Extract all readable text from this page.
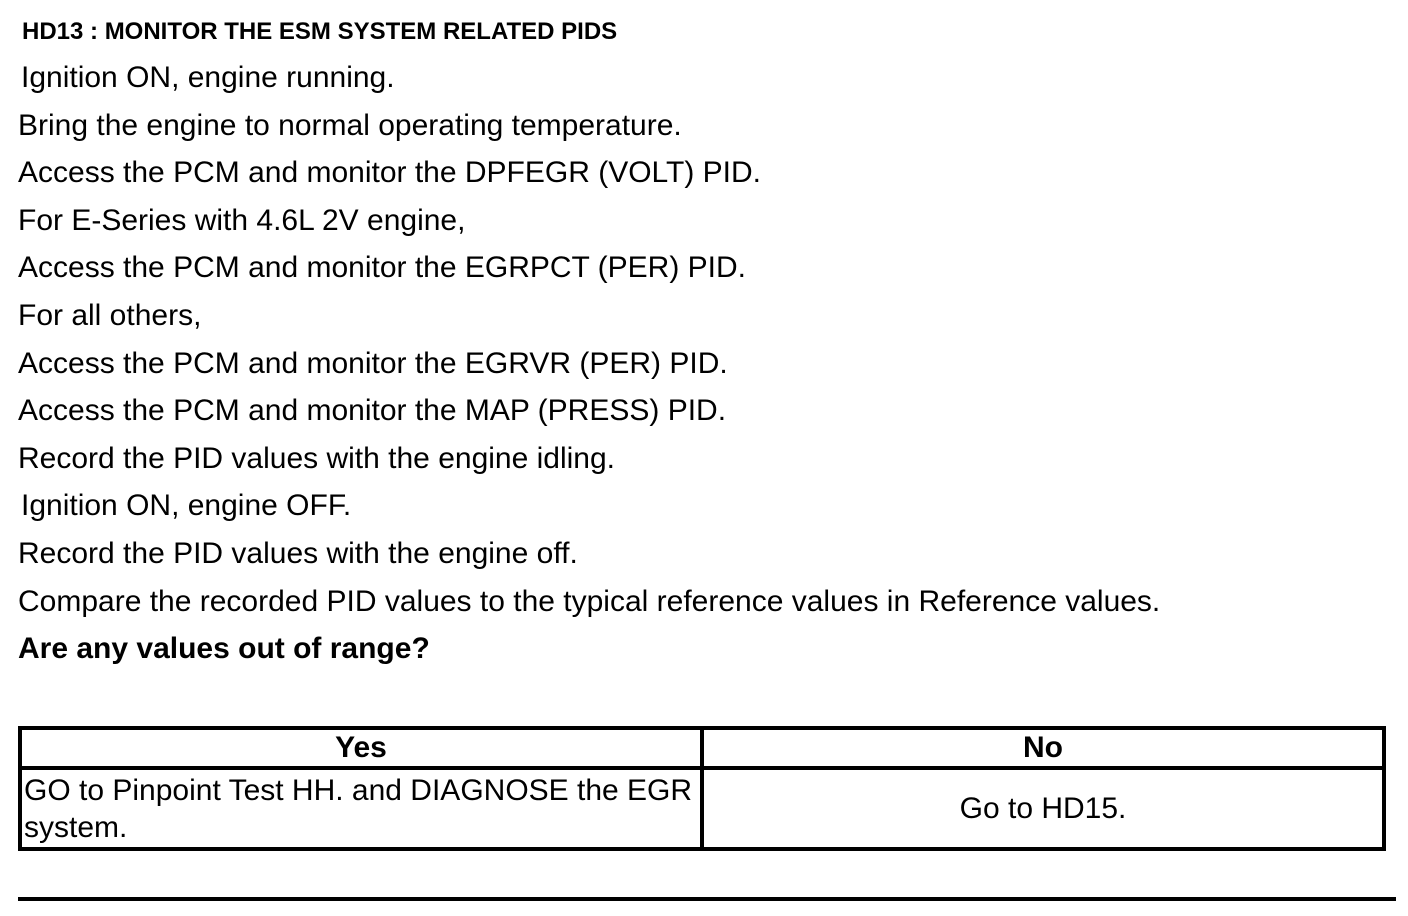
HD13 : MONITOR THE ESM SYSTEM RELATED PIDS
Ignition ON, engine running.
Bring the engine to normal operating temperature.
Access the PCM and monitor the DPFEGR (VOLT) PID.
For E-Series with 4.6L 2V engine,
Access the PCM and monitor the EGRPCT (PER) PID.
For all others,
Access the PCM and monitor the EGRVR (PER) PID.
Access the PCM and monitor the MAP (PRESS) PID.
Record the PID values with the engine idling.
Ignition ON, engine OFF.
Record the PID values with the engine off.
Compare the recorded PID values to the typical reference values in Reference values.
Are any values out of range?
Yes	No
GO to Pinpoint Test HH. and DIAGNOSE the EGR system.	Go to HD15.
